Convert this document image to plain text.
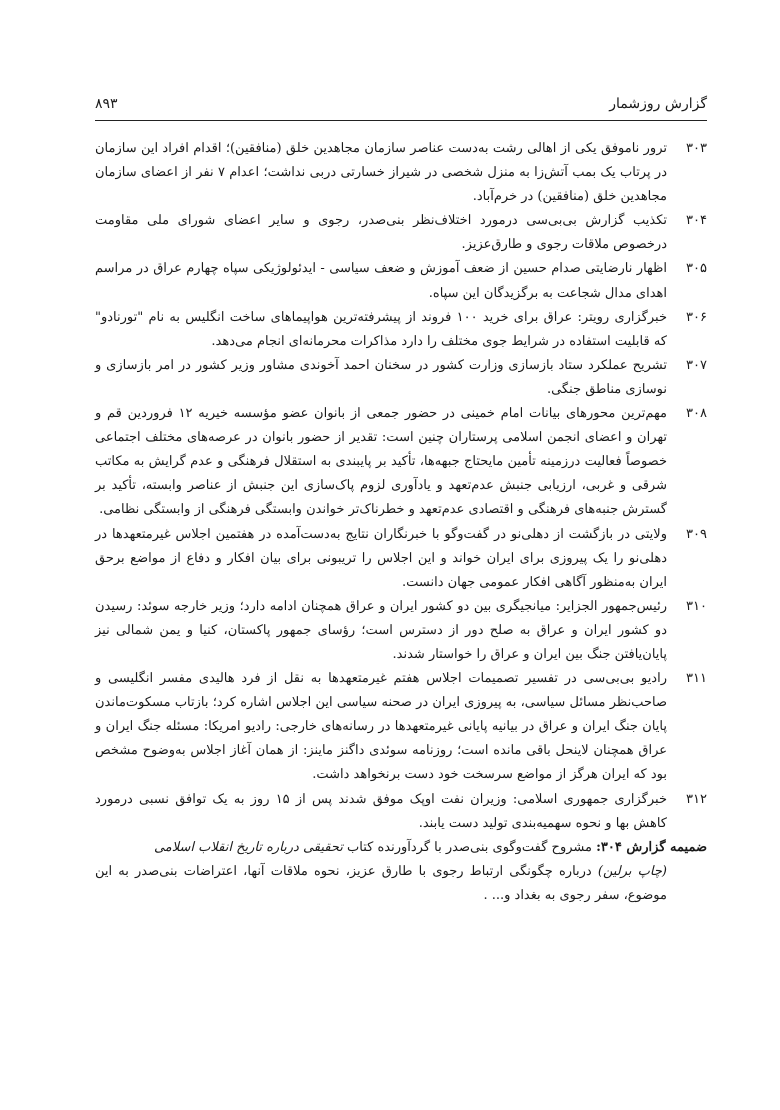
گزارش روزشمار
۸۹۳
۳۰۳
ترور ناموفق یکی از اهالی رشت به‌دست عناصر سازمان مجاهدین خلق (منافقین)؛ اقدام افراد این سازمان در پرتاب یک بمب آتش‌زا به منزل شخصی در شیراز خسارتی دربی نداشت؛ اعدام ۷ نفر از اعضای سازمان مجاهدین خلق (منافقین) در خرم‌آباد.
۳۰۴
تکذیب گزارش بی‌بی‌سی درمورد اختلاف‌نظر بنی‌صدر، رجوی و سایر اعضای شورای ملی مقاومت درخصوص ملاقات رجوی و طارق‌عزیز.
۳۰۵
اظهار نارضایتی صدام حسین از ضعف آموزش و ضعف سیاسی - ایدئولوژیکی سپاه چهارم عراق در مراسم اهدای مدال شجاعت به برگزیدگان این سپاه.
۳۰۶
خبرگزاری رویتر: عراق برای خرید ۱۰۰ فروند از پیشرفته‌ترین هواپیماهای ساخت انگلیس به نام "تورنادو" که قابلیت استفاده در شرایط جوی مختلف را دارد مذاکرات محرمانه‌ای انجام می‌دهد.
۳۰۷
تشریح عملکرد ستاد بازسازی وزارت کشور در سخنان احمد آخوندی مشاور وزیر کشور در امر بازسازی و نوسازی مناطق جنگی.
۳۰۸
مهم‌ترین محورهای بیانات امام خمینی در حضور جمعی از بانوان عضو مؤسسه خیریه ۱۲ فروردین قم و تهران و اعضای انجمن اسلامی پرستاران چنین است: تقدیر از حضور بانوان در عرصه‌های مختلف اجتماعی خصوصاً فعالیت درزمینه تأمین مایحتاج جبهه‌ها، تأکید بر پایبندی به استقلال فرهنگی و عدم گرایش به مکاتب شرقی و غربی، ارزیابی جنبش عدم‌تعهد و یادآوری لزوم پاک‌سازی این جنبش از عناصر وابسته، تأکید بر گسترش جنبه‌های فرهنگی و اقتصادی عدم‌تعهد و خطرناک‌تر خواندن وابستگی فرهنگی از وابستگی نظامی.
۳۰۹
ولایتی در بازگشت از دهلی‌نو در گفت‌وگو با خبرنگاران نتایج به‌دست‌آمده در هفتمین اجلاس غیرمتعهدها در دهلی‌نو را یک پیروزی برای ایران خواند و این اجلاس را تریبونی برای بیان افکار و دفاع از مواضع برحق ایران به‌منظور آگاهی افکار عمومی جهان دانست.
۳۱۰
رئیس‌جمهور الجزایر: میانجیگری بین دو کشور ایران و عراق همچنان ادامه دارد؛ وزیر خارجه سوئد: رسیدن دو کشور ایران و عراق به صلح دور از دسترس است؛ رؤسای جمهور پاکستان، کنیا و یمن شمالی نیز پایان‌یافتن جنگ بین ایران و عراق را خواستار شدند.
۳۱۱
رادیو بی‌بی‌سی در تفسیر تصمیمات اجلاس هفتم غیرمتعهدها به نقل از فرد هالیدی مفسر انگلیسی و صاحب‌نظر مسائل سیاسی، به پیروزی ایران در صحنه سیاسی این اجلاس اشاره کرد؛ بازتاب مسکوت‌ماندن پایان جنگ ایران و عراق در بیانیه پایانی غیرمتعهدها در رسانه‌های خارجی: رادیو امریکا: مسئله جنگ ایران و عراق همچنان لاینحل باقی مانده است؛ روزنامه سوئدی داگنز ماینز: از همان آغاز اجلاس به‌وضوح مشخص بود که ایران هرگز از مواضع سرسخت خود دست برنخواهد داشت.
۳۱۲
خبرگزاری جمهوری اسلامی: وزیران نفت اوپک موفق شدند پس از ۱۵ روز به یک توافق نسبی درمورد کاهش بها و نحوه سهمیه‌بندی تولید دست یابند.

ضمیمه گزارش ۳۰۴: مشروح گفت‌وگوی بنی‌صدر با گردآورنده کتاب تحقیقی درباره تاریخ انقلاب اسلامی
(چاپ برلین) درباره چگونگی ارتباط رجوی با طارق عزیز، نحوه ملاقات آنها، اعتراضات بنی‌صدر به این موضوع، سفر رجوی به بغداد و... .
